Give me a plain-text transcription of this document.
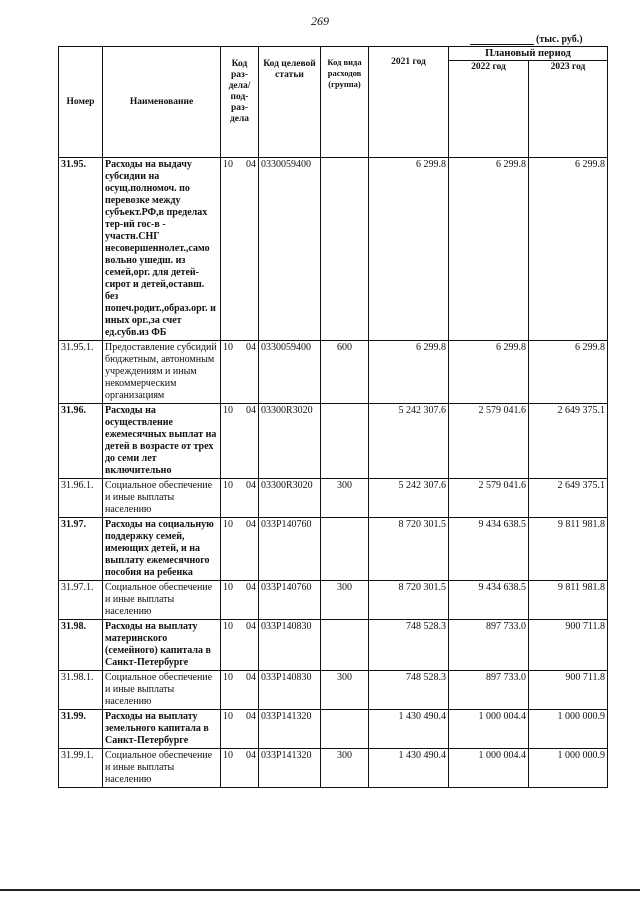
269
(тыс. руб.)
Номер	Наименование	Код раз- дела/ под- раз- дела	Код целевой статьи	Код вида расходов (группа)	2021 год	Плановый период	
						2022 год	2023 год
31.95.	Расходы на выдачу субсидии на осущ.полномоч. по перевозке между субъект.РФ,в пределах тер-ий гос-в - участн.СНГ несовершеннолет.,само вольно ушедш. из семей,орг. для детей-сирот и детей,оставш. без попеч.родит.,образ.орг. и иных орг.,за счет ед.субв.из ФБ	10 04	0330059400		6 299.8	6 299.8	6 299.8
31.95.1.	Предоставление субсидий бюджетным, автономным учреждениям и иным некоммерческим организациям	10 04	0330059400	600	6 299.8	6 299.8	6 299.8
31.96.	Расходы на осуществление ежемесячных выплат на детей в возрасте от трех до семи лет включительно	10 04	03300R3020		5 242 307.6	2 579 041.6	2 649 375.1
31.96.1.	Социальное обеспечение и иные выплаты населению	10 04	03300R3020	300	5 242 307.6	2 579 041.6	2 649 375.1
31.97.	Расходы на социальную поддержку семей, имеющих детей, и на выплату ежемесячного пособия на ребенка	10 04	033P140760		8 720 301.5	9 434 638.5	9 811 981.8
31.97.1.	Социальное обеспечение и иные выплаты населению	10 04	033P140760	300	8 720 301.5	9 434 638.5	9 811 981.8
31.98.	Расходы на выплату материнского (семейного) капитала в Санкт-Петербурге	10 04	033P140830		748 528.3	897 733.0	900 711.8
31.98.1.	Социальное обеспечение и иные выплаты населению	10 04	033P140830	300	748 528.3	897 733.0	900 711.8
31.99.	Расходы на выплату земельного капитала в Санкт-Петербурге	10 04	033P141320		1 430 490.4	1 000 004.4	1 000 000.9
31.99.1.	Социальное обеспечение и иные выплаты населению	10 04	033P141320	300	1 430 490.4	1 000 004.4	1 000 000.9
